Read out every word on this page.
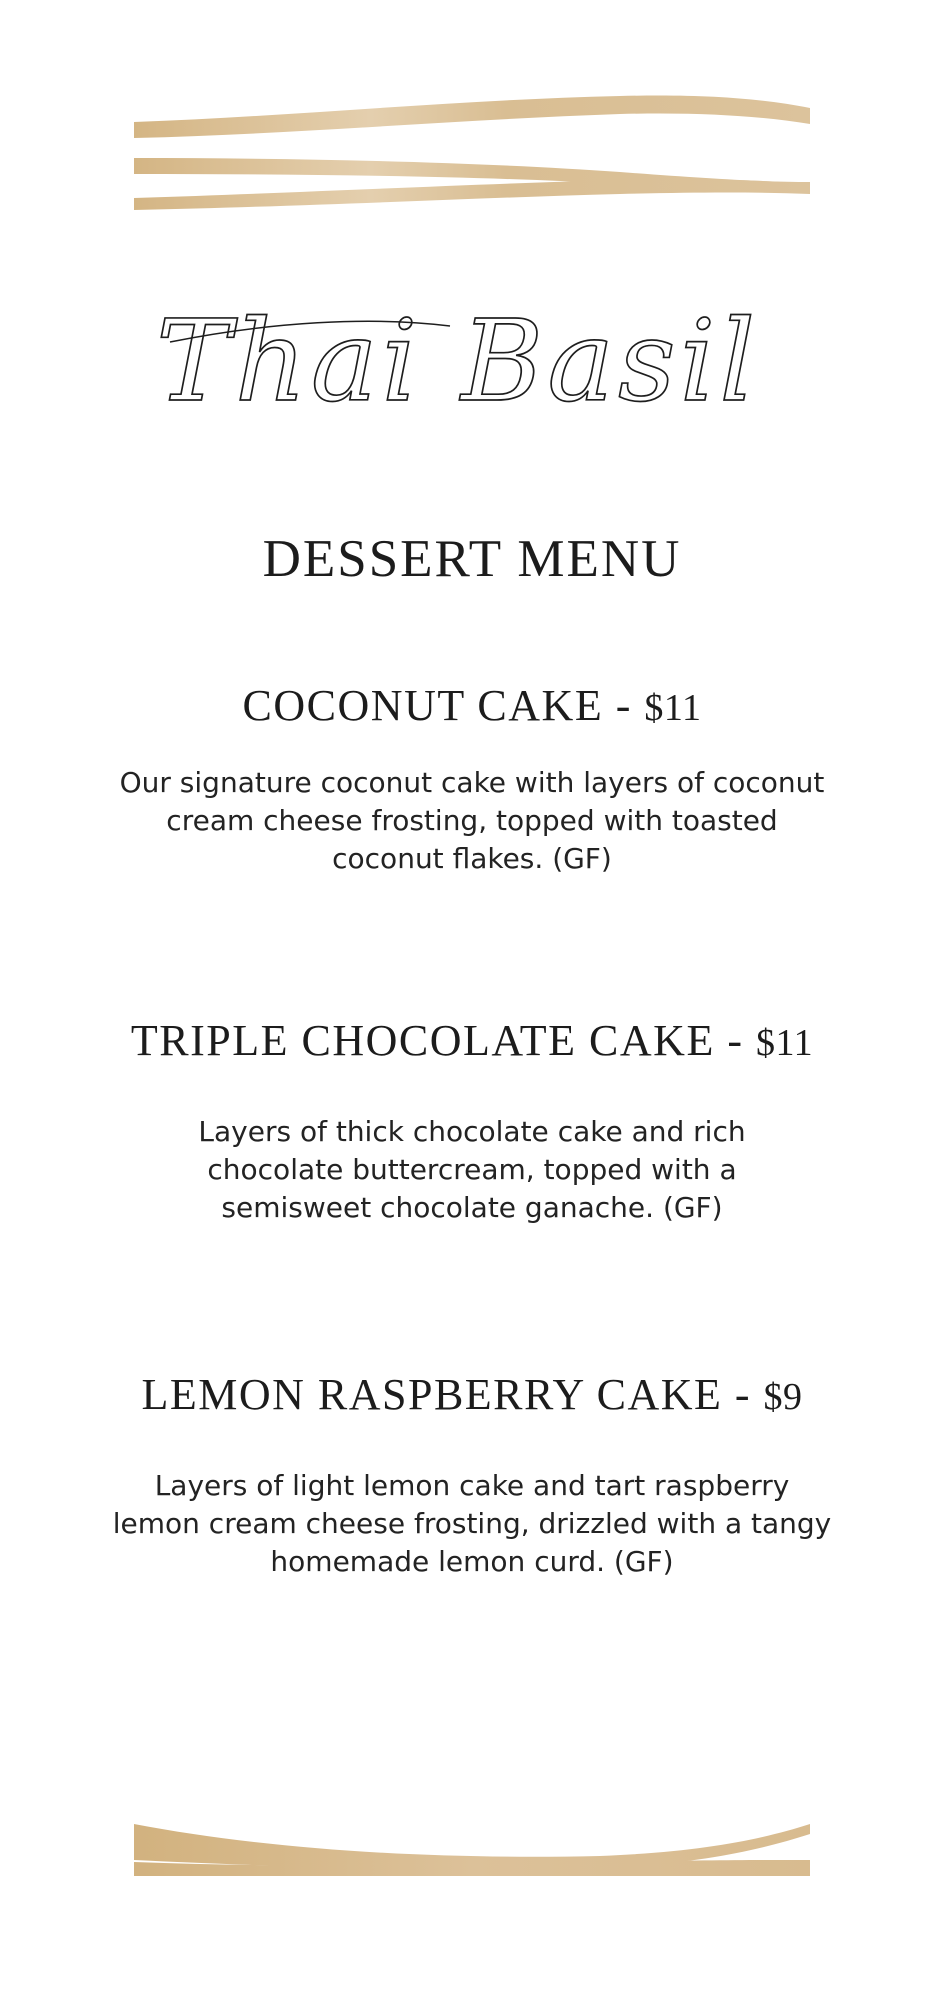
Thai Basil
DESSERT MENU
COCONUT CAKE - $11

Our signature coconut cake with layers of coconut cream cheese frosting, topped with toasted coconut flakes. (GF)

TRIPLE CHOCOLATE CAKE - $11

Layers of thick chocolate cake and rich chocolate buttercream, topped with a semisweet chocolate ganache. (GF)

LEMON RASPBERRY CAKE - $9

Layers of light lemon cake and tart raspberry lemon cream cheese frosting, drizzled with a tangy homemade lemon curd. (GF)
